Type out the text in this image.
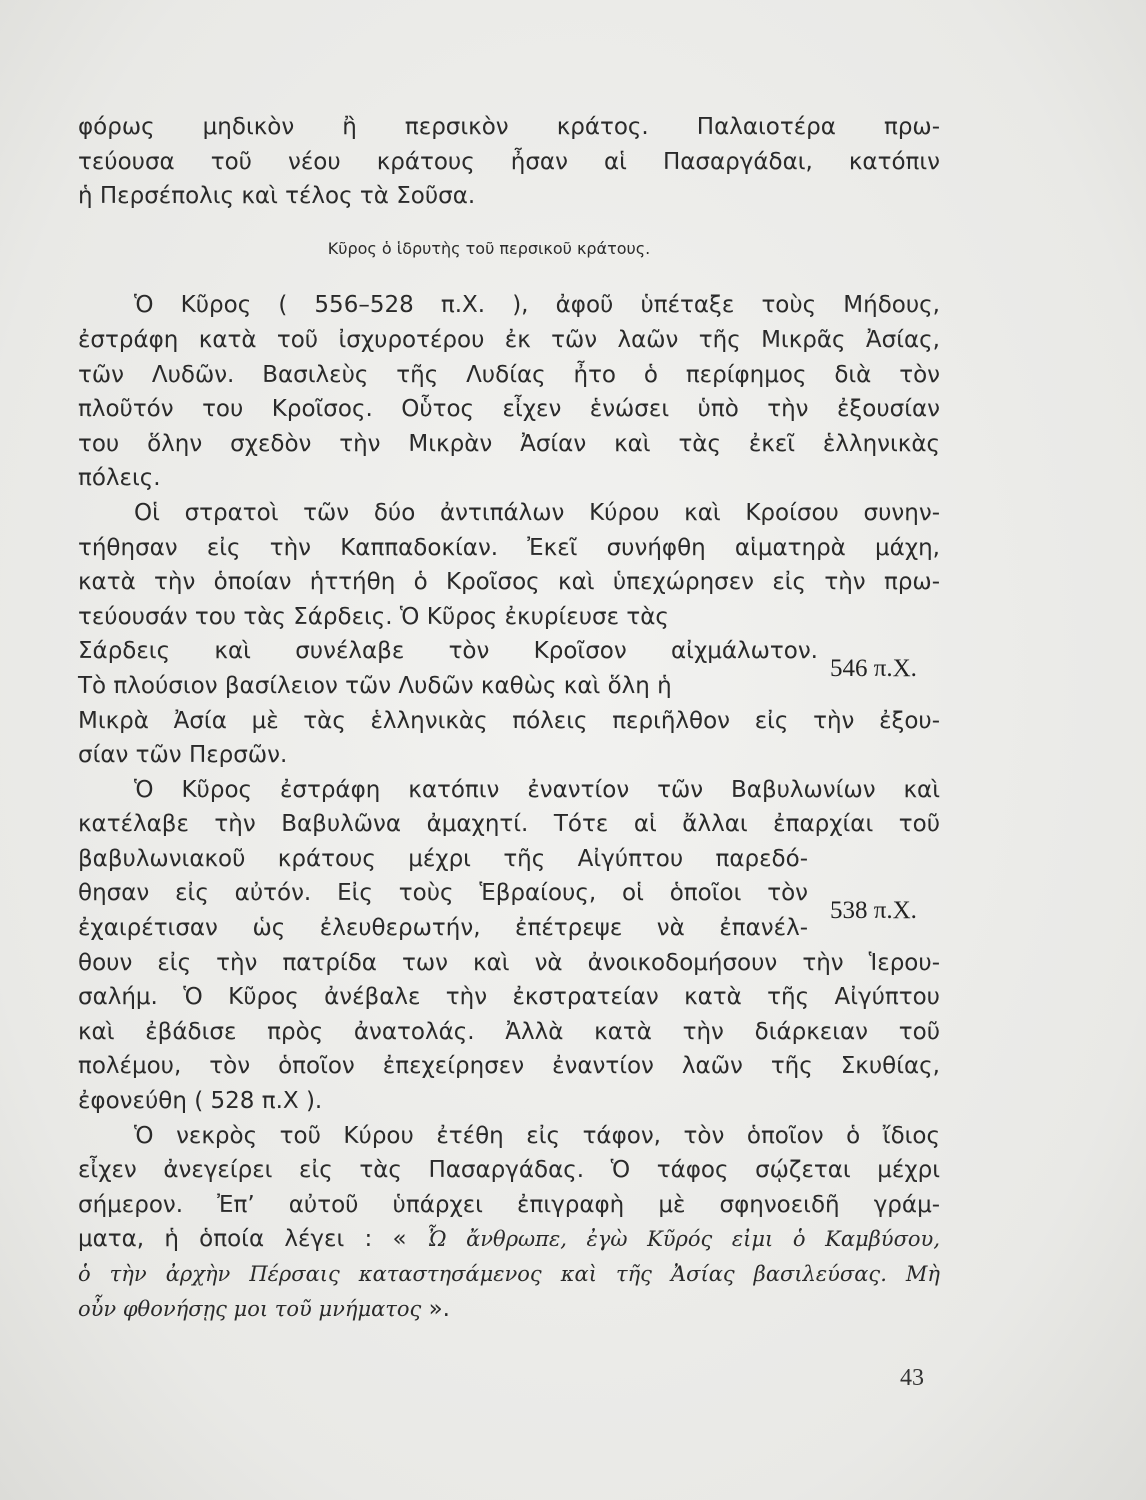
φόρως μηδικὸν ἢ περσικὸν κράτος. Παλαιοτέρα πρω-
τεύουσα τοῦ νέου κράτους ἦσαν αἱ Πασαργάδαι, κατόπιν
ἡ Περσέπολις καὶ τέλος τὰ Σοῦσα.
Κῦρος ὁ ἱδρυτὴς τοῦ περσικοῦ κράτους.
Ὁ Κῦρος ( 556–528 π.Χ. ), ἀφοῦ ὑπέταξε τοὺς Μήδους,
ἐστράφη κατὰ τοῦ ἰσχυροτέρου ἐκ τῶν λαῶν τῆς Μικρᾶς Ἀσίας,
τῶν Λυδῶν. Βασιλεὺς τῆς Λυδίας ἦτο ὁ περίφημος διὰ τὸν
πλοῦτόν του Κροῖσος. Οὗτος εἶχεν ἑνώσει ὑπὸ τὴν ἐξουσίαν
του ὅλην σχεδὸν τὴν Μικρὰν Ἀσίαν καὶ τὰς ἐκεῖ ἑλληνικὰς
πόλεις.
Οἱ στρατοὶ τῶν δύο ἀντιπάλων Κύρου καὶ Κροίσου συνην-
τήθησαν εἰς τὴν Καππαδοκίαν. Ἐκεῖ συνήφθη αἱματηρὰ μάχη,
κατὰ τὴν ὁποίαν ἡττήθη ὁ Κροῖσος καὶ ὑπεχώρησεν εἰς τὴν πρω-
τεύουσάν του τὰς Σάρδεις. Ὁ Κῦρος ἐκυρίευσε τὰς
Σάρδεις καὶ συνέλαβε τὸν Κροῖσον αἰχμάλωτον.
Τὸ πλούσιον βασίλειον τῶν Λυδῶν καθὼς καὶ ὅλη ἡ
Μικρὰ Ἀσία μὲ τὰς ἑλληνικὰς πόλεις περιῆλθον εἰς τὴν ἐξου-
σίαν τῶν Περσῶν.
Ὁ Κῦρος ἐστράφη κατόπιν ἐναντίον τῶν Βαβυλωνίων καὶ
κατέλαβε τὴν Βαβυλῶνα ἀμαχητί. Τότε αἱ ἄλλαι ἐπαρχίαι τοῦ
βαβυλωνιακοῦ κράτους μέχρι τῆς Αἰγύπτου παρεδό-
θησαν εἰς αὐτόν. Εἰς τοὺς Ἑβραίους, οἱ ὁποῖοι τὸν
ἐχαιρέτισαν ὡς ἐλευθερωτήν, ἐπέτρεψε νὰ ἐπανέλ-
θουν εἰς τὴν πατρίδα των καὶ νὰ ἀνοικοδομήσουν τὴν Ἱερου-
σαλήμ. Ὁ Κῦρος ἀνέβαλε τὴν ἐκστρατείαν κατὰ τῆς Αἰγύπτου
καὶ ἐβάδισε πρὸς ἀνατολάς. Ἀλλὰ κατὰ τὴν διάρκειαν τοῦ
πολέμου, τὸν ὁποῖον ἐπεχείρησεν ἐναντίον λαῶν τῆς Σκυθίας,
ἐφονεύθη ( 528 π.Χ ).
Ὁ νεκρὸς τοῦ Κύρου ἐτέθη εἰς τάφον, τὸν ὁποῖον ὁ ἴδιος
εἶχεν ἀνεγείρει εἰς τὰς Πασαργάδας. Ὁ τάφος σῴζεται μέχρι
σήμερον. Ἐπ’ αὐτοῦ ὑπάρχει ἐπιγραφὴ μὲ σφηνοειδῆ γράμ-
ματα, ἡ ὁποία λέγει : « Ὦ ἄνθρωπε, ἐγὼ Κῦρός εἰμι ὁ Καμβύσου,
ὁ τὴν ἀρχὴν Πέρσαις καταστησάμενος καὶ τῆς Ἀσίας βασιλεύσας. Μὴ
οὖν φθονήσῃς μοι τοῦ μνήματος ».
546 π.Χ.
538 π.Χ.
43
